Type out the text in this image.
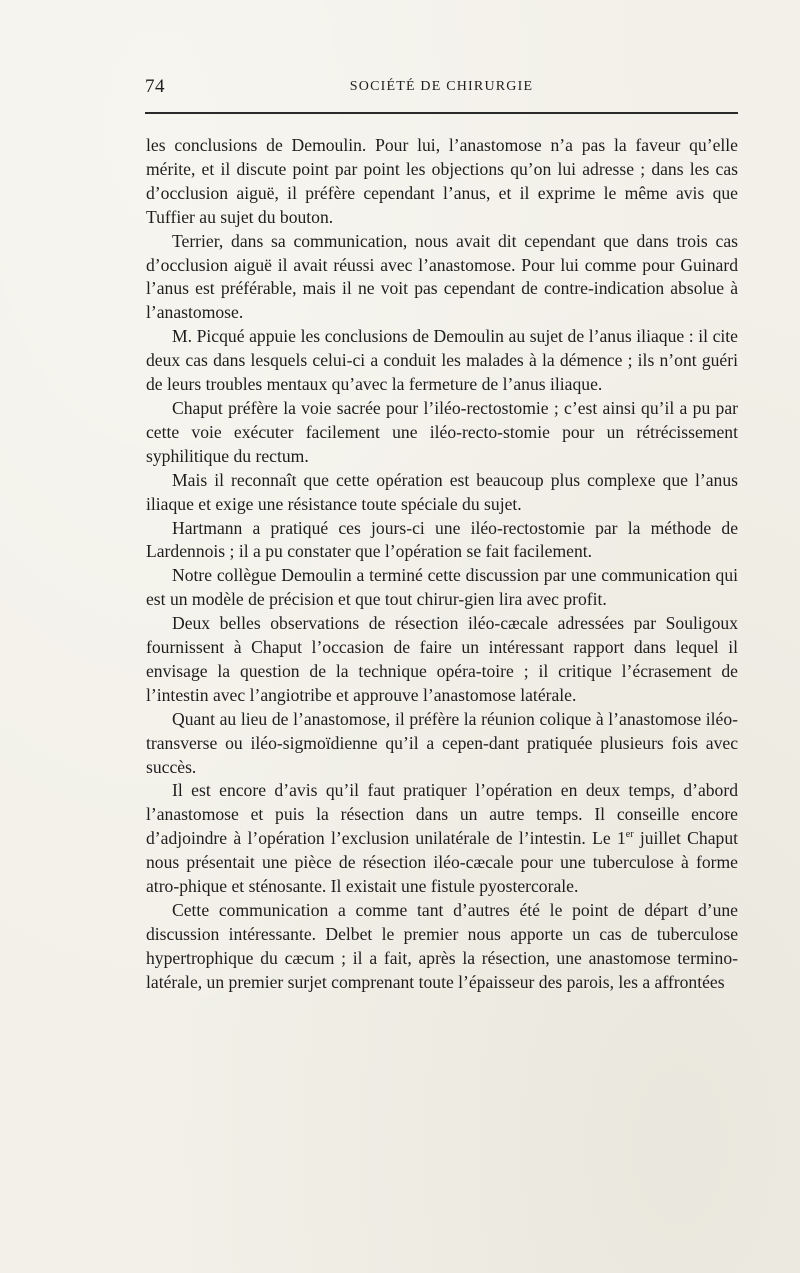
74	SOCIÉTÉ DE CHIRURGIE

les conclusions de Demoulin. Pour lui, l’anastomose n’a pas la faveur qu’elle mérite, et il discute point par point les objections qu’on lui adresse ; dans les cas d’occlusion aiguë, il préfère cependant l’anus, et il exprime le même avis que Tuffier au sujet du bouton.

Terrier, dans sa communication, nous avait dit cependant que dans trois cas d’occlusion aiguë il avait réussi avec l’anastomose. Pour lui comme pour Guinard l’anus est préférable, mais il ne voit pas cependant de contre-indication absolue à l’anastomose.

M. Picqué appuie les conclusions de Demoulin au sujet de l’anus iliaque : il cite deux cas dans lesquels celui-ci a conduit les malades à la démence ; ils n’ont guéri de leurs troubles mentaux qu’avec la fermeture de l’anus iliaque.

Chaput préfère la voie sacrée pour l’iléo-rectostomie ; c’est ainsi qu’il a pu par cette voie exécuter facilement une iléo-recto-stomie pour un rétrécissement syphilitique du rectum.

Mais il reconnaît que cette opération est beaucoup plus complexe que l’anus iliaque et exige une résistance toute spéciale du sujet.

Hartmann a pratiqué ces jours-ci une iléo-rectostomie par la méthode de Lardennois ; il a pu constater que l’opération se fait facilement.

Notre collègue Demoulin a terminé cette discussion par une communication qui est un modèle de précision et que tout chirur-gien lira avec profit.

Deux belles observations de résection iléo-cæcale adressées par Souligoux fournissent à Chaput l’occasion de faire un intéressant rapport dans lequel il envisage la question de la technique opéra-toire ; il critique l’écrasement de l’intestin avec l’angiotribe et approuve l’anastomose latérale.

Quant au lieu de l’anastomose, il préfère la réunion colique à l’anastomose iléo-transverse ou iléo-sigmoïdienne qu’il a cepen-dant pratiquée plusieurs fois avec succès.

Il est encore d’avis qu’il faut pratiquer l’opération en deux temps, d’abord l’anastomose et puis la résection dans un autre temps. Il conseille encore d’adjoindre à l’opération l’exclusion unilatérale de l’intestin. Le 1er juillet Chaput nous présentait une pièce de résection iléo-cæcale pour une tuberculose à forme atro-phique et sténosante. Il existait une fistule pyostercorale.

Cette communication a comme tant d’autres été le point de départ d’une discussion intéressante. Delbet le premier nous apporte un cas de tuberculose hypertrophique du cæcum ; il a fait, après la résection, une anastomose termino-latérale, un premier surjet comprenant toute l’épaisseur des parois, les a affrontées
